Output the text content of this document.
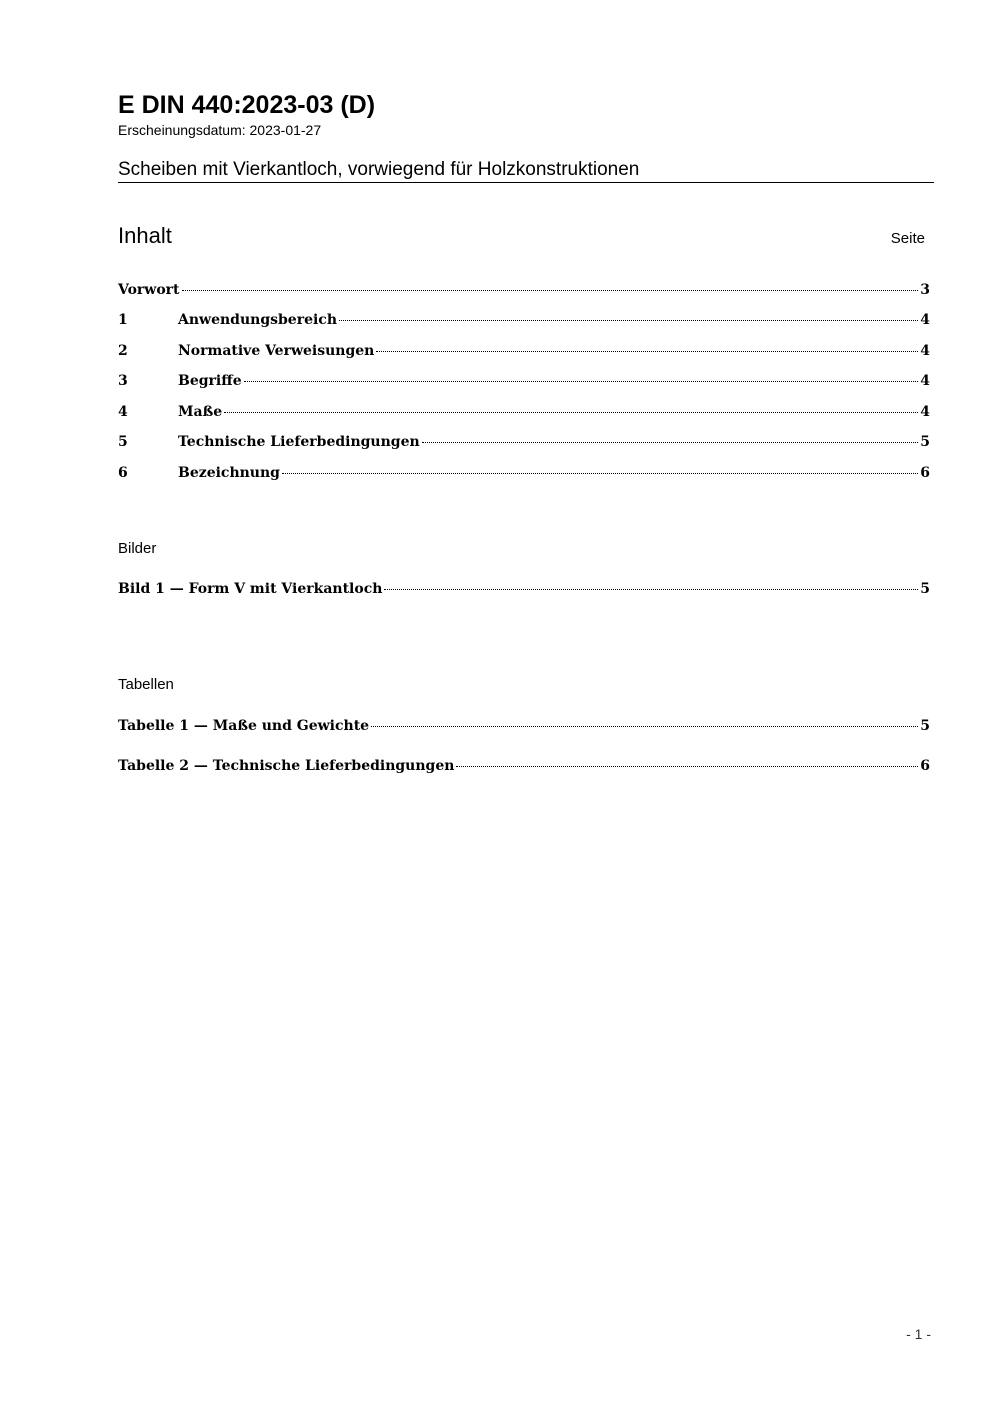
E DIN 440:2023-03 (D)
Erscheinungsdatum: 2023-01-27
Scheiben mit Vierkantloch, vorwiegend für Holzkonstruktionen
Inhalt	Seite
Vorwort	3
1	Anwendungsbereich	4
2	Normative Verweisungen	4
3	Begriffe	4
4	Maße	4
5	Technische Lieferbedingungen	5
6	Bezeichnung	6
Bilder
Bild 1 — Form V mit Vierkantloch	5
Tabellen
Tabelle 1 — Maße und Gewichte	5
Tabelle 2 — Technische Lieferbedingungen	6
- 1 -
